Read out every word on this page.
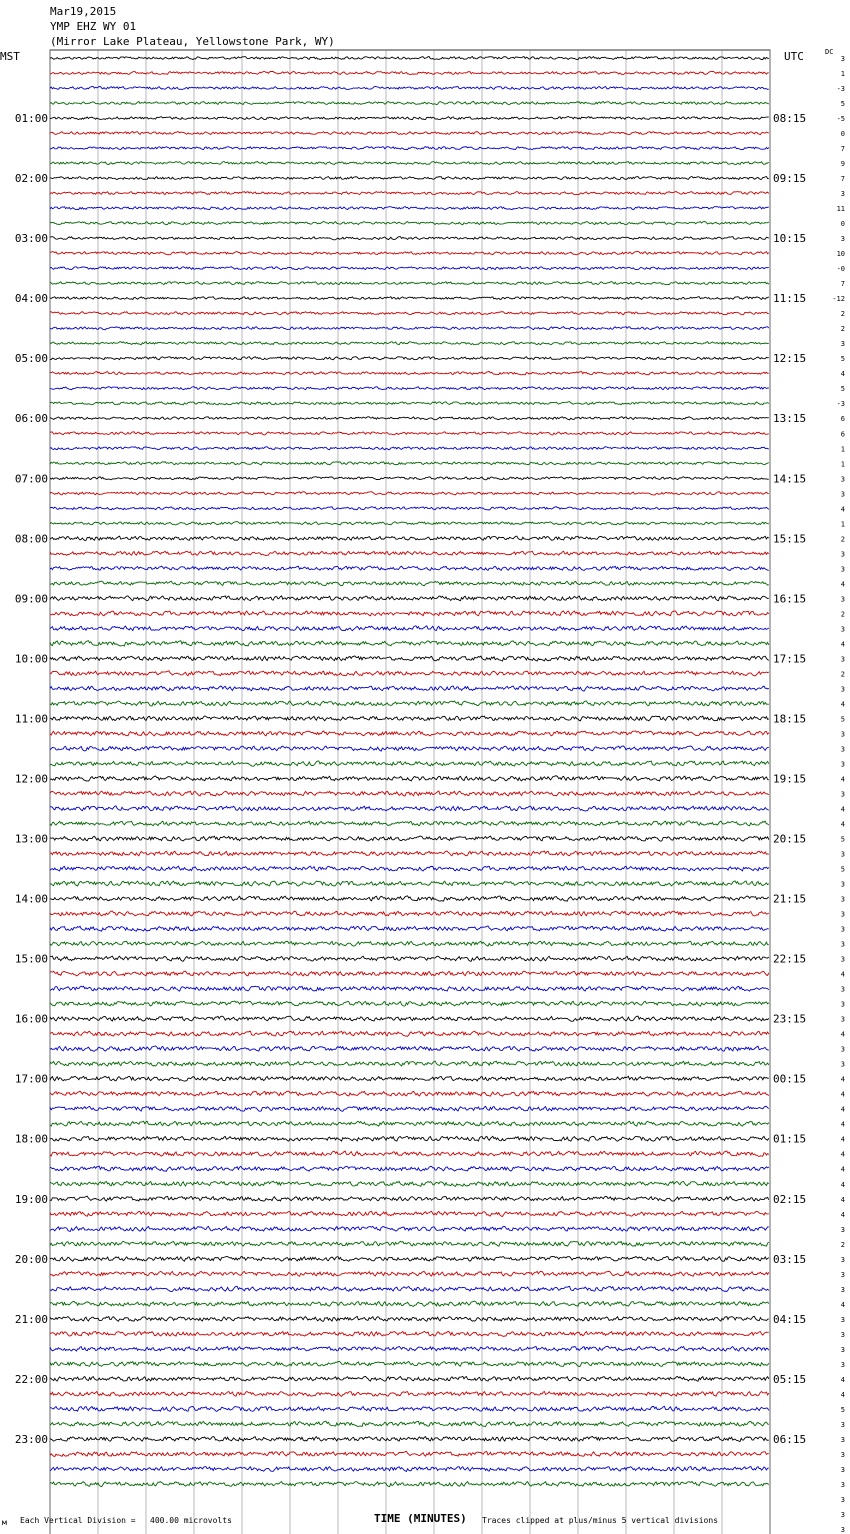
Mar19,2015
YMP EHZ WY 01
(Mirror Lake Plateau, Yellowstone Park, WY)
MST	UTC	DC
3
1
-3
5
-5
0
7
9
7
3
11
0
3
10
-0
7
-12
2
2
3
5
4
5
-3
6
6
1
1
3
3
4
1
2
3
3
4
3
2
3
4
3
2
3
4
5
3
3
3
4
3
4
4
5
3
5
3
3
3
3
3
3
4
3
3
3
4
3
3
4
4
4
4
4
4
4
4
4
4
3
2
3
3
3
4
3
3
3
3
4
4
5
3
3
3
3
3
3
3
3
01:00
02:00
03:00
04:00
05:00
06:00
07:00
08:00
09:00
10:00
11:00
12:00
13:00
14:00
15:00
16:00
17:00
18:00
19:00
20:00
21:00
22:00
23:00
08:15
09:15
10:15
11:15
12:15
13:15
14:15
15:15
16:15
17:15
18:15
19:15
20:15
21:15
22:15
23:15
00:15
01:15
02:15
03:15
04:15
05:15
06:15
м Each Vertical Division = 400.00 microvolts	TIME (MINUTES) Traces clipped at plus/minus 5 vertical divisions
